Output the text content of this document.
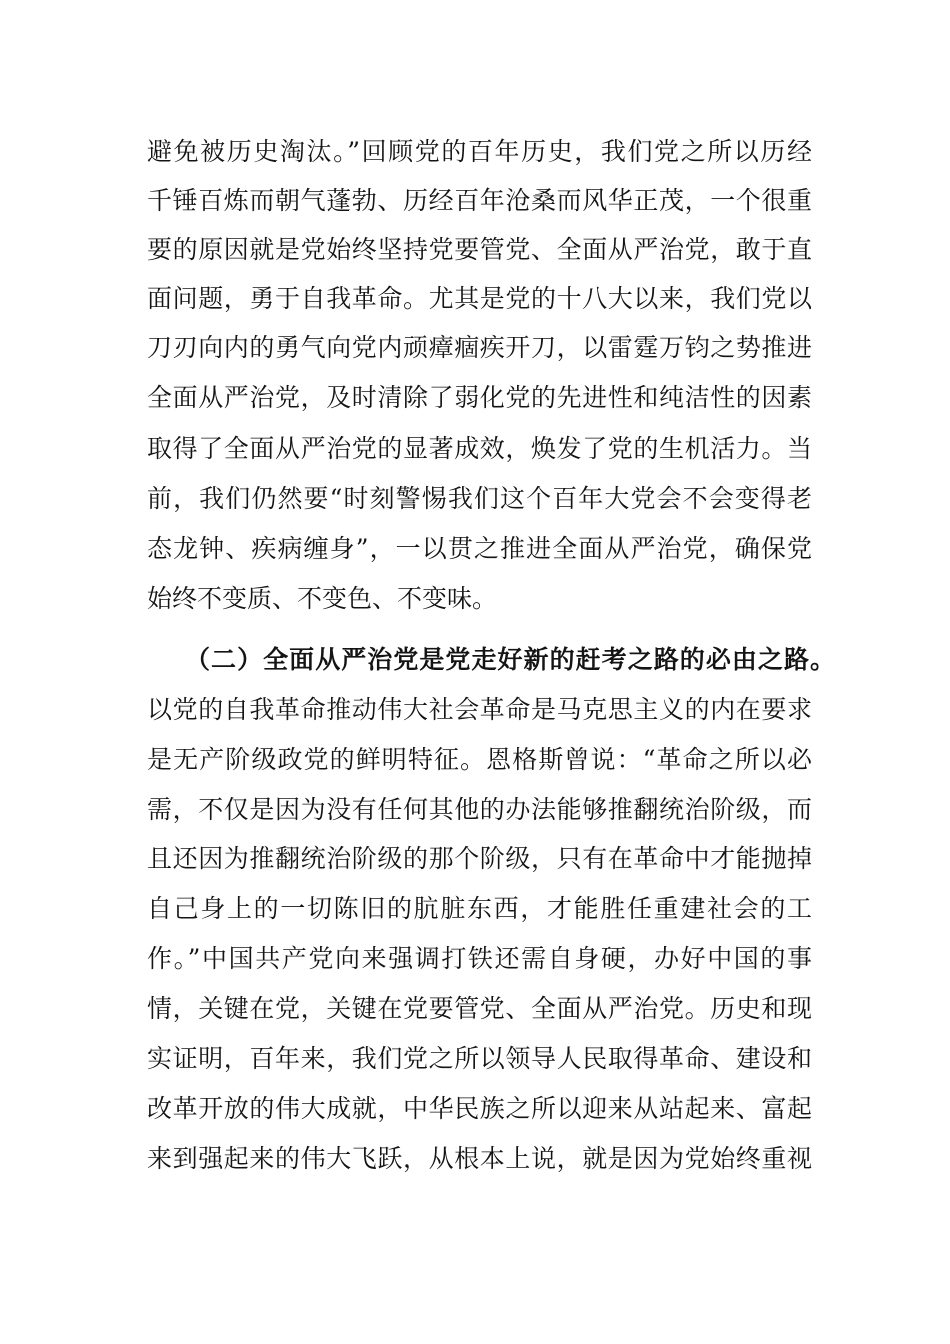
避免被历史淘汰。”回顾党的百年历史，我们党之所以历经
千锤百炼而朝气蓬勃、历经百年沧桑而风华正茂，一个很重
要的原因就是党始终坚持党要管党、全面从严治党，敢于直
面问题，勇于自我革命。尤其是党的十八大以来，我们党以
刀刃向内的勇气向党内顽瘴痼疾开刀，以雷霆万钧之势推进
全面从严治党，及时清除了弱化党的先进性和纯洁性的因素
取得了全面从严治党的显著成效，焕发了党的生机活力。当
前，我们仍然要“时刻警惕我们这个百年大党会不会变得老
态龙钟、疾病缠身”，一以贯之推进全面从严治党，确保党
始终不变质、不变色、不变味。
（二）全面从严治党是党走好新的赶考之路的必由之路。
以党的自我革命推动伟大社会革命是马克思主义的内在要求
是无产阶级政党的鲜明特征。恩格斯曾说：“革命之所以必
需，不仅是因为没有任何其他的办法能够推翻统治阶级，而
且还因为推翻统治阶级的那个阶级，只有在革命中才能抛掉
自己身上的一切陈旧的肮脏东西，才能胜任重建社会的工
作。”中国共产党向来强调打铁还需自身硬，办好中国的事
情，关键在党，关键在党要管党、全面从严治党。历史和现
实证明，百年来，我们党之所以领导人民取得革命、建设和
改革开放的伟大成就，中华民族之所以迎来从站起来、富起
来到强起来的伟大飞跃，从根本上说，就是因为党始终重视
